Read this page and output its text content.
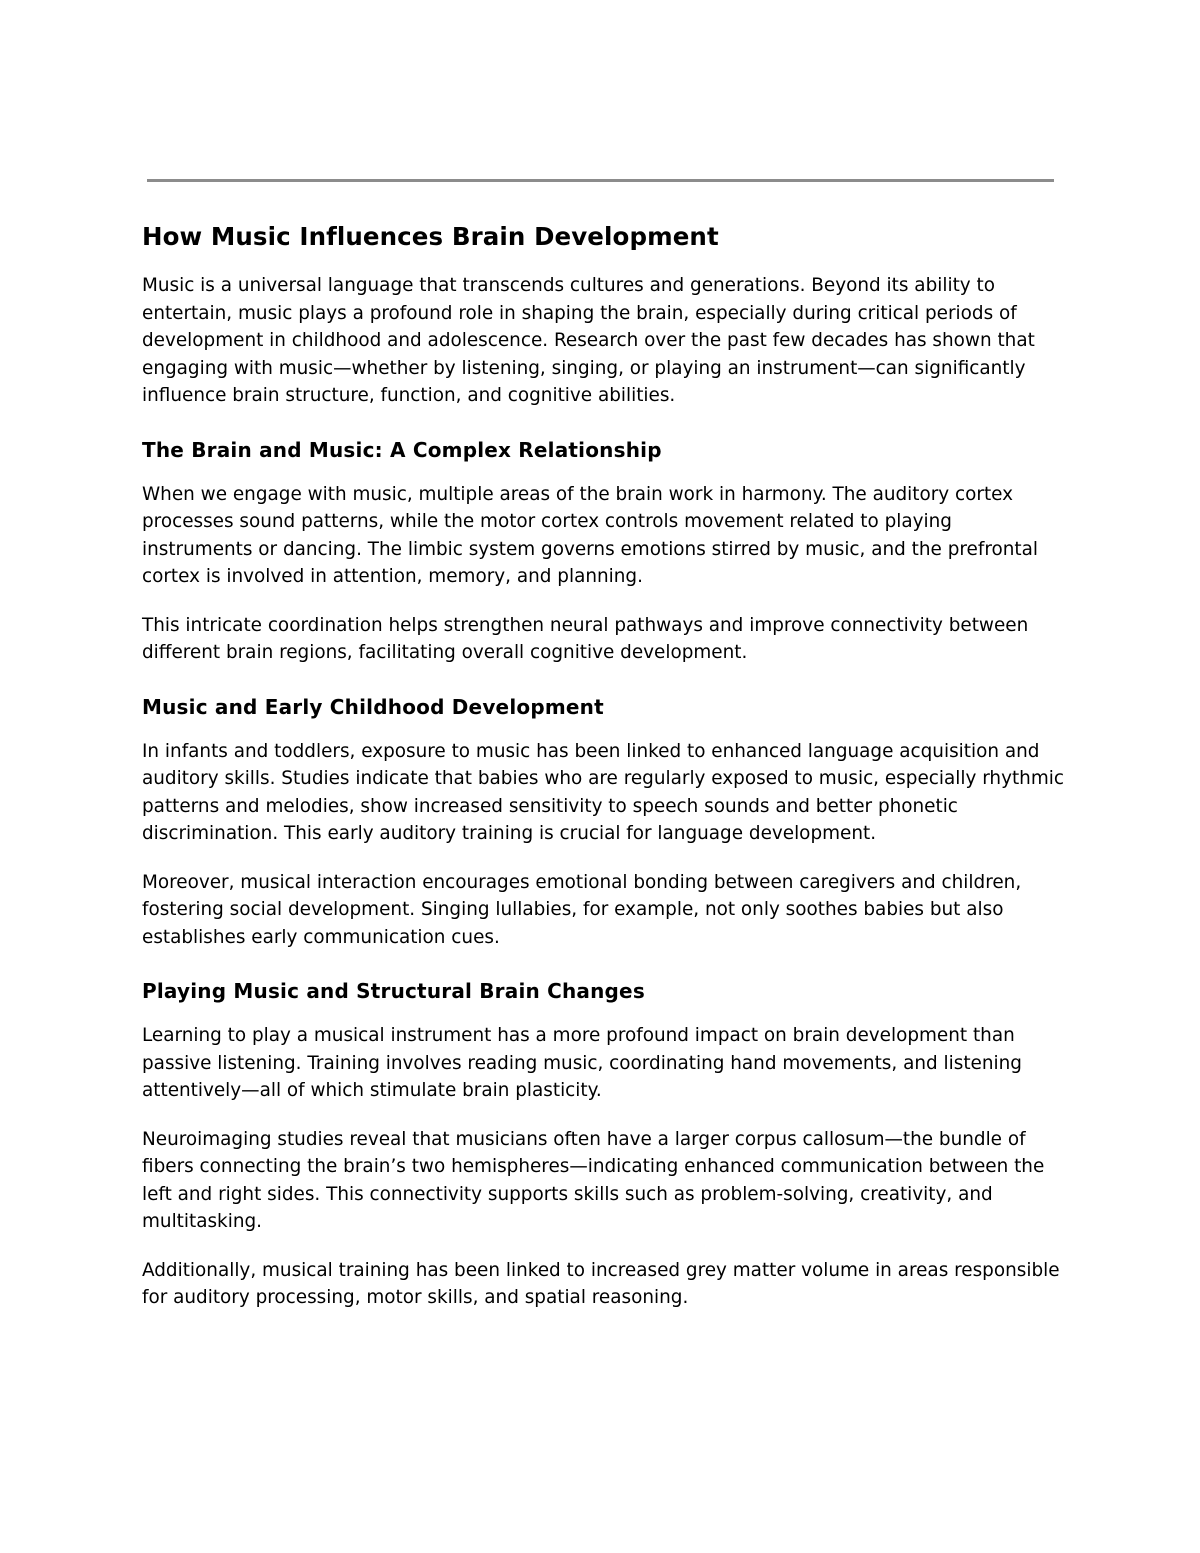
How Music Influences Brain Development

Music is a universal language that transcends cultures and generations. Beyond its ability to entertain, music plays a profound role in shaping the brain, especially during critical periods of development in childhood and adolescence. Research over the past few decades has shown that engaging with music—whether by listening, singing, or playing an instrument—can significantly influence brain structure, function, and cognitive abilities.

The Brain and Music: A Complex Relationship

When we engage with music, multiple areas of the brain work in harmony. The auditory cortex processes sound patterns, while the motor cortex controls movement related to playing instruments or dancing. The limbic system governs emotions stirred by music, and the prefrontal cortex is involved in attention, memory, and planning.

This intricate coordination helps strengthen neural pathways and improve connectivity between different brain regions, facilitating overall cognitive development.

Music and Early Childhood Development

In infants and toddlers, exposure to music has been linked to enhanced language acquisition and auditory skills. Studies indicate that babies who are regularly exposed to music, especially rhythmic patterns and melodies, show increased sensitivity to speech sounds and better phonetic discrimination. This early auditory training is crucial for language development.

Moreover, musical interaction encourages emotional bonding between caregivers and children, fostering social development. Singing lullabies, for example, not only soothes babies but also establishes early communication cues.

Playing Music and Structural Brain Changes

Learning to play a musical instrument has a more profound impact on brain development than passive listening. Training involves reading music, coordinating hand movements, and listening attentively—all of which stimulate brain plasticity.

Neuroimaging studies reveal that musicians often have a larger corpus callosum—the bundle of fibers connecting the brain’s two hemispheres—indicating enhanced communication between the left and right sides. This connectivity supports skills such as problem-solving, creativity, and multitasking.

Additionally, musical training has been linked to increased grey matter volume in areas responsible for auditory processing, motor skills, and spatial reasoning.
